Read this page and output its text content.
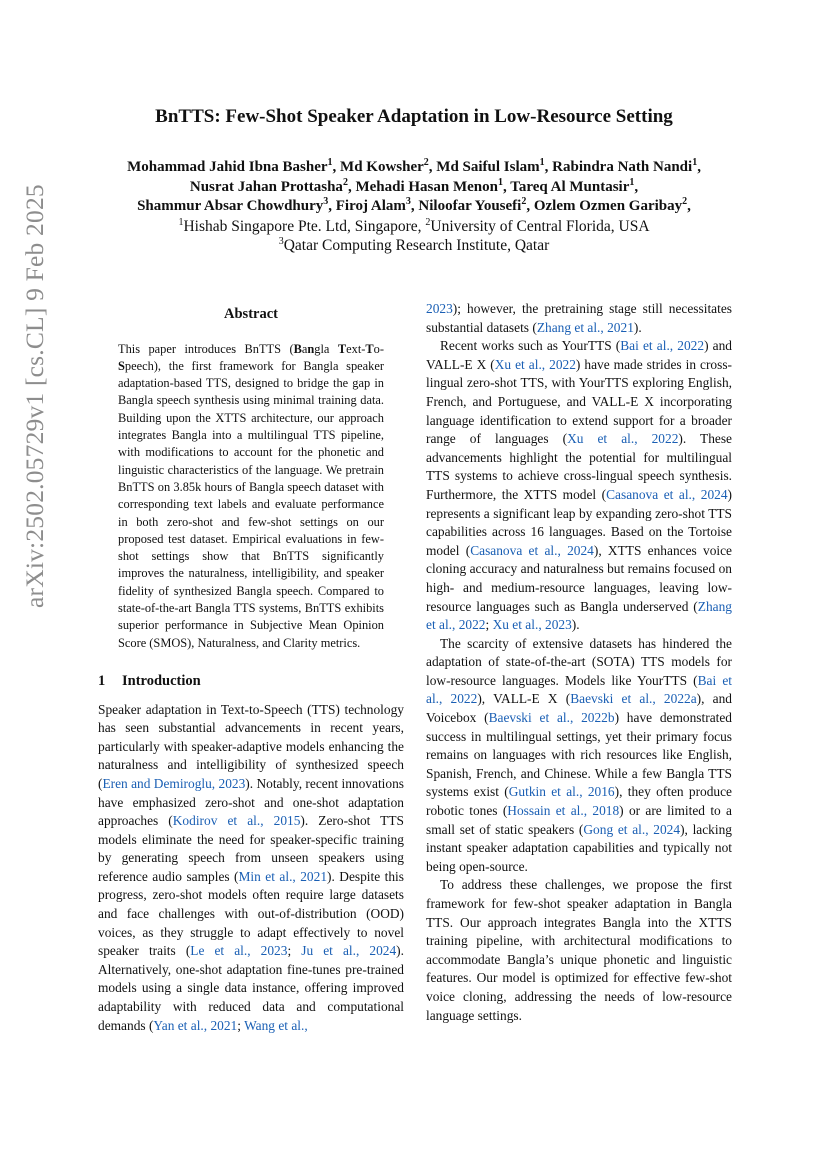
arXiv:2502.05729v1 [cs.CL] 9 Feb 2025
BnTTS: Few-Shot Speaker Adaptation in Low-Resource Setting
Mohammad Jahid Ibna Basher$^1$, Md Kowsher$^2$, Md Saiful Islam$^1$, Rabindra Nath Nandi$^1$,
Nusrat Jahan Prottasha$^2$, Mehadi Hasan Menon$^1$, Tareq Al Muntasir$^1$,
Shammur Absar Chowdhury$^3$, Firoj Alam$^3$, Niloofar Yousefi$^2$, Ozlem Ozmen Garibay$^2$,
$^1$Hishab Singapore Pte. Ltd, Singapore, $^2$University of Central Florida, USA
$^3$Qatar Computing Research Institute, Qatar
Abstract
This paper introduces BnTTS (Bangla Text-To-Speech), the first framework for Bangla speaker adaptation-based TTS, designed to bridge the gap in Bangla speech synthesis using minimal training data. Building upon the XTTS architecture, our approach integrates Bangla into a multilingual TTS pipeline, with modifications to account for the phonetic and linguistic characteristics of the language. We pretrain BnTTS on 3.85k hours of Bangla speech dataset with corresponding text labels and evaluate performance in both zero-shot and few-shot settings on our proposed test dataset. Empirical evaluations in few-shot settings show that BnTTS significantly improves the naturalness, intelligibility, and speaker fidelity of synthesized Bangla speech. Compared to state-of-the-art Bangla TTS systems, BnTTS exhibits superior performance in Subjective Mean Opinion Score (SMOS), Naturalness, and Clarity metrics.
1 Introduction

Speaker adaptation in Text-to-Speech (TTS) technology has seen substantial advancements in recent years, particularly with speaker-adaptive models enhancing the naturalness and intelligibility of synthesized speech (Eren and Demiroglu, 2023). Notably, recent innovations have emphasized zero-shot and one-shot adaptation approaches (Kodirov et al., 2015). Zero-shot TTS models eliminate the need for speaker-specific training by generating speech from unseen speakers using reference audio samples (Min et al., 2021). Despite this progress, zero-shot models often require large datasets and face challenges with out-of-distribution (OOD) voices, as they struggle to adapt effectively to novel speaker traits (Le et al., 2023; Ju et al., 2024). Alternatively, one-shot adaptation fine-tunes pre-trained models using a single data instance, offering improved adaptability with reduced data and computational demands (Yan et al., 2021; Wang et al.,

2023); however, the pretraining stage still necessitates substantial datasets (Zhang et al., 2021).

Recent works such as YourTTS (Bai et al., 2022) and VALL-E X (Xu et al., 2022) have made strides in cross-lingual zero-shot TTS, with YourTTS exploring English, French, and Portuguese, and VALL-E X incorporating language identification to extend support for a broader range of languages (Xu et al., 2022). These advancements highlight the potential for multilingual TTS systems to achieve cross-lingual speech synthesis. Furthermore, the XTTS model (Casanova et al., 2024) represents a significant leap by expanding zero-shot TTS capabilities across 16 languages. Based on the Tortoise model (Casanova et al., 2024), XTTS enhances voice cloning accuracy and naturalness but remains focused on high- and medium-resource languages, leaving low-resource languages such as Bangla underserved (Zhang et al., 2022; Xu et al., 2023).

The scarcity of extensive datasets has hindered the adaptation of state-of-the-art (SOTA) TTS models for low-resource languages. Models like YourTTS (Bai et al., 2022), VALL-E X (Baevski et al., 2022a), and Voicebox (Baevski et al., 2022b) have demonstrated success in multilingual settings, yet their primary focus remains on languages with rich resources like English, Spanish, French, and Chinese. While a few Bangla TTS systems exist (Gutkin et al., 2016), they often produce robotic tones (Hossain et al., 2018) or are limited to a small set of static speakers (Gong et al., 2024), lacking instant speaker adaptation capabilities and typically not being open-source.

To address these challenges, we propose the first framework for few-shot speaker adaptation in Bangla TTS. Our approach integrates Bangla into the XTTS training pipeline, with architectural modifications to accommodate Bangla’s unique phonetic and linguistic features. Our model is optimized for effective few-shot voice cloning, addressing the needs of low-resource language settings.
